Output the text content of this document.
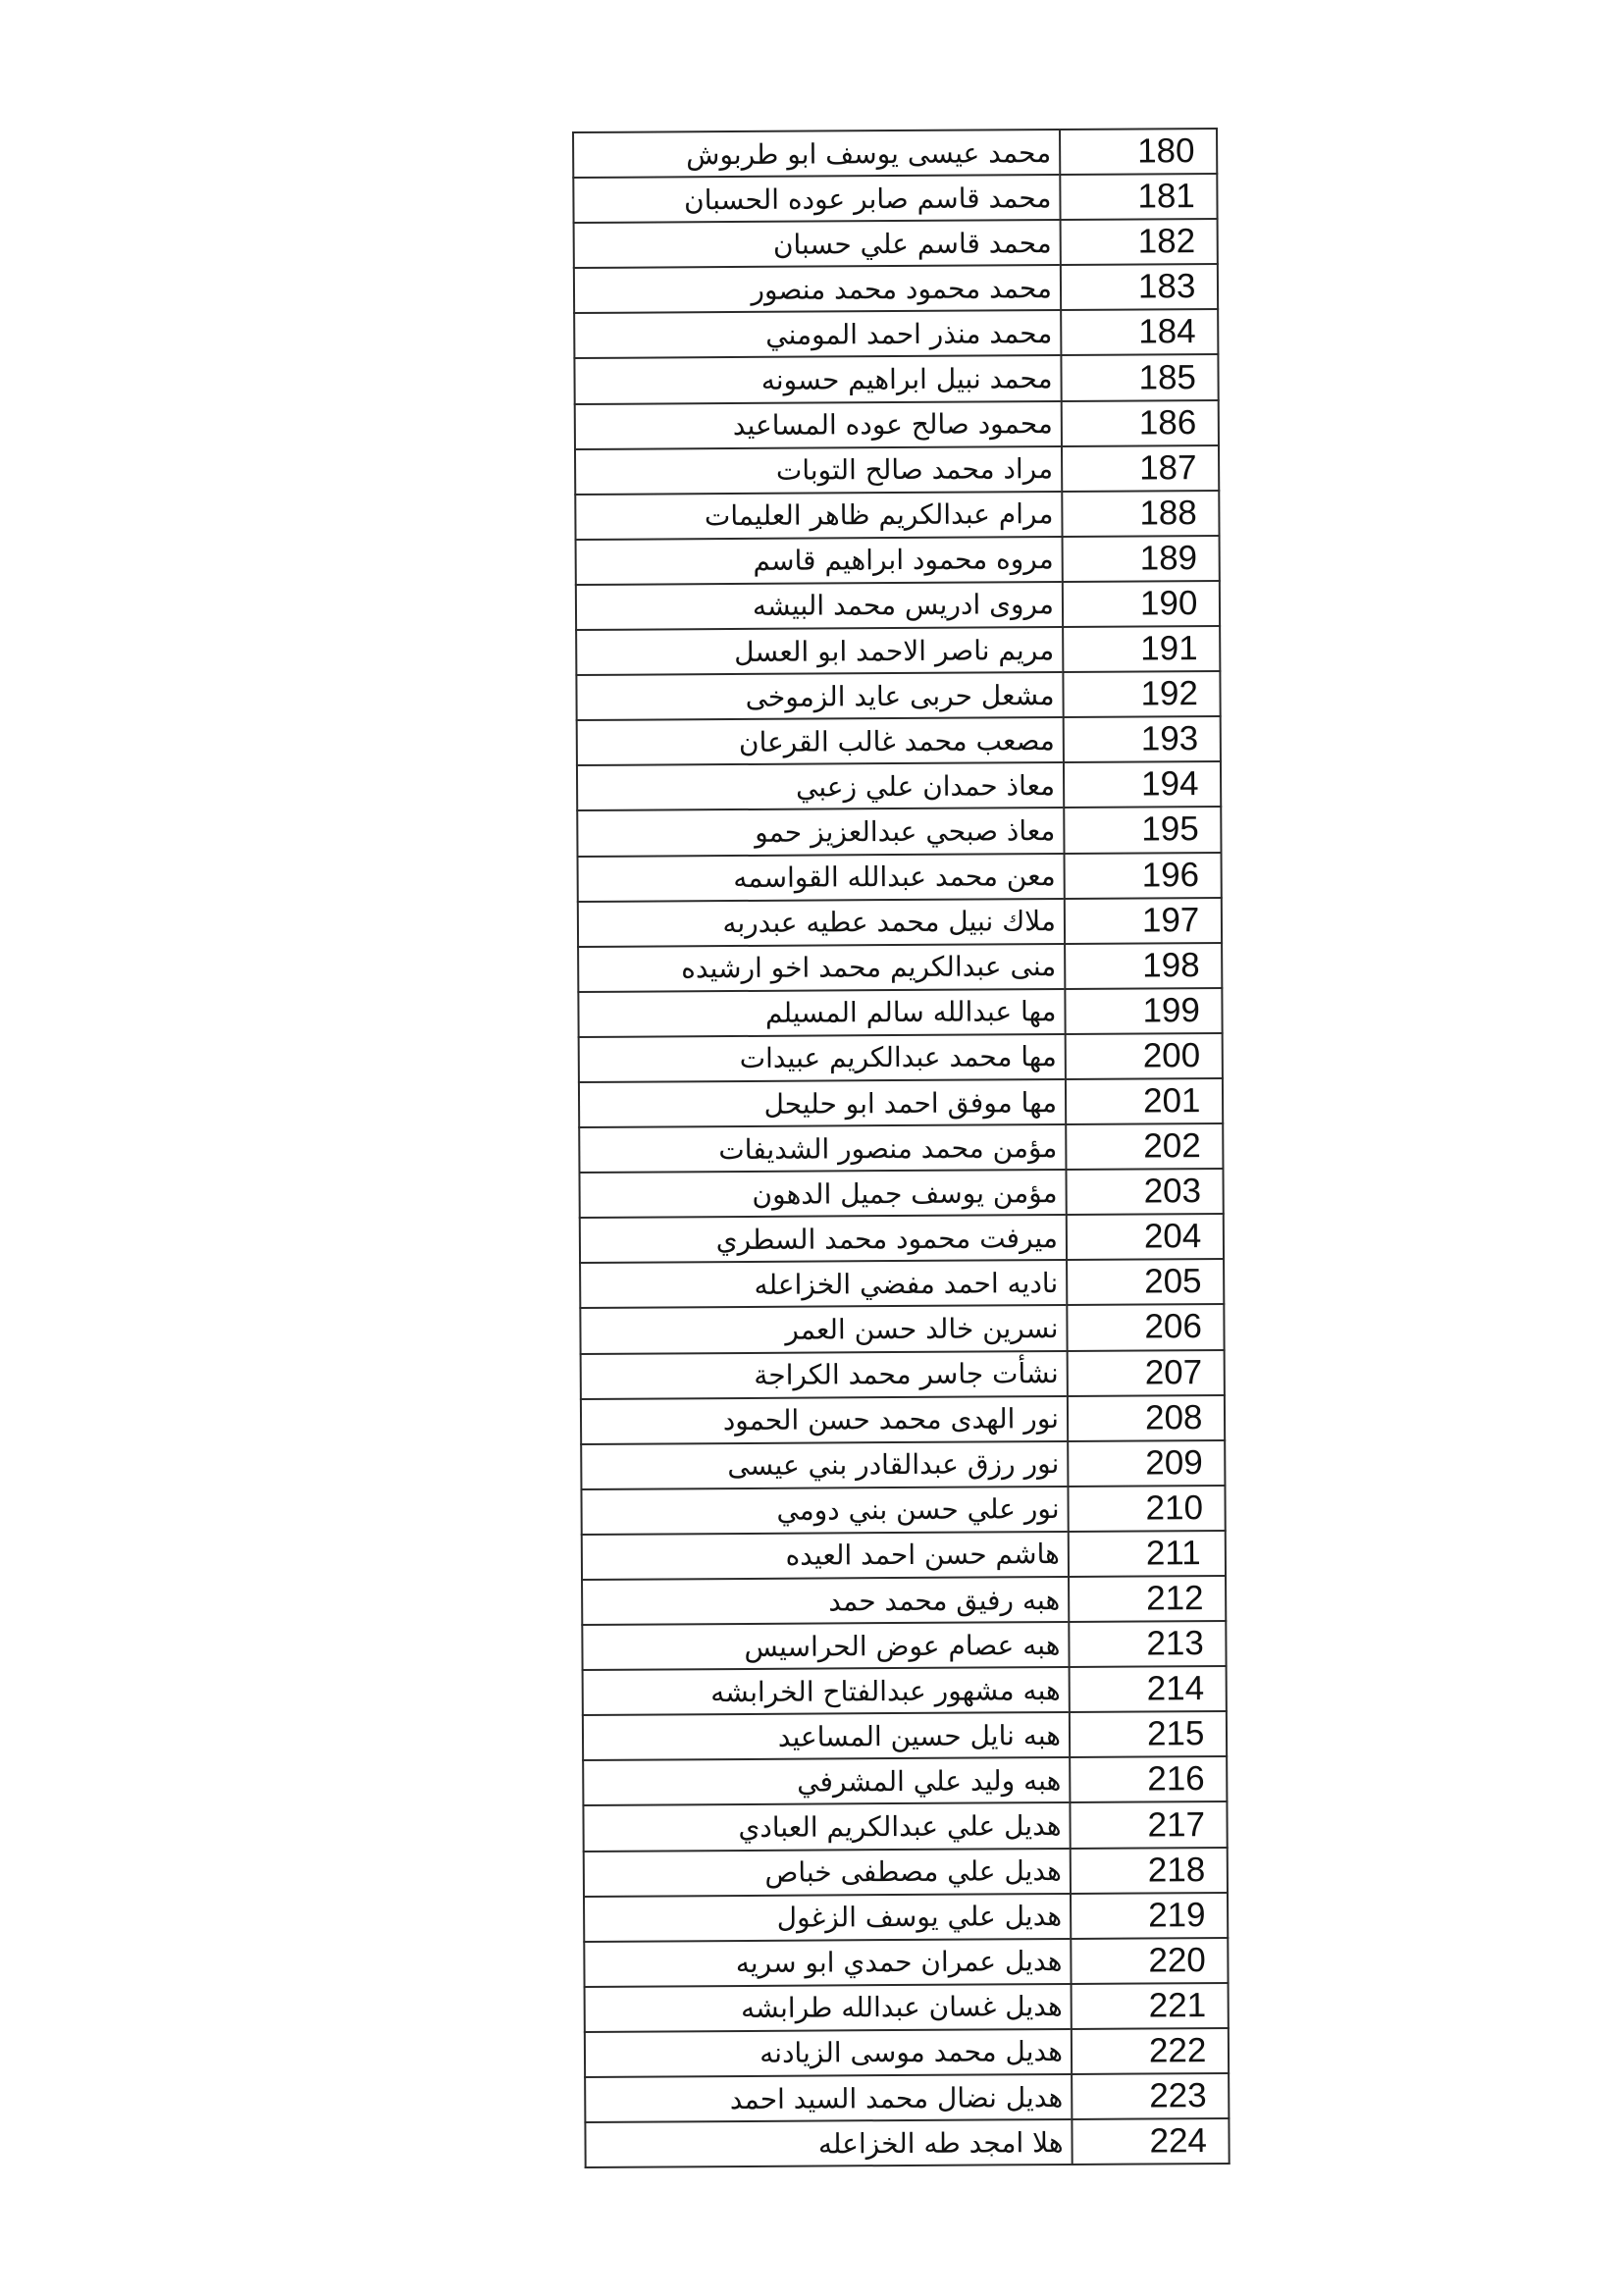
180	محمد عيسى يوسف ابو طربوش
181	محمد قاسم صابر عوده الحسبان
182	محمد قاسم علي حسبان
183	محمد محمود محمد منصور
184	محمد منذر احمد المومني
185	محمد نبيل ابراهيم حسونه
186	محمود صالح عوده المساعيد
187	مراد محمد صالح التوبات
188	مرام عبدالكريم ظاهر العليمات
189	مروه محمود ابراهيم قاسم
190	مروى ادريس محمد البيشه
191	مريم ناصر الاحمد ابو العسل
192	مشعل حربى عايد الزموخى
193	مصعب محمد غالب القرعان
194	معاذ حمدان علي زعبي
195	معاذ صبحي عبدالعزيز حمو
196	معن محمد عبدالله القواسمه
197	ملاك نبيل محمد عطيه عبدربه
198	منى عبدالكريم محمد اخو ارشيده
199	مها عبدالله سالم المسيلم
200	مها محمد عبدالكريم عبيدات
201	مها موفق احمد ابو حليحل
202	مؤمن محمد منصور الشديفات
203	مؤمن يوسف جميل الدهون
204	ميرفت محمود محمد السطري
205	ناديه احمد مفضي الخزاعله
206	نسرين خالد حسن العمر
207	نشأت جاسر محمد الكراجة
208	نور الهدى محمد حسن الحمود
209	نور رزق عبدالقادر بني عيسى
210	نور علي حسن بني دومي
211	هاشم حسن احمد العيده
212	هبه رفيق محمد حمد
213	هبه عصام عوض الحراسيس
214	هبه مشهور عبدالفتاح الخرابشه
215	هبه نايل حسين المساعيد
216	هبه وليد علي المشرفي
217	هديل علي عبدالكريم العبادي
218	هديل علي مصطفى خباص
219	هديل علي يوسف الزغول
220	هديل عمران حمدي ابو سريه
221	هديل غسان عبدالله طرابشه
222	هديل محمد موسى الزيادنه
223	هديل نضال محمد السيد احمد
224	هلا امجد طه الخزاعله
